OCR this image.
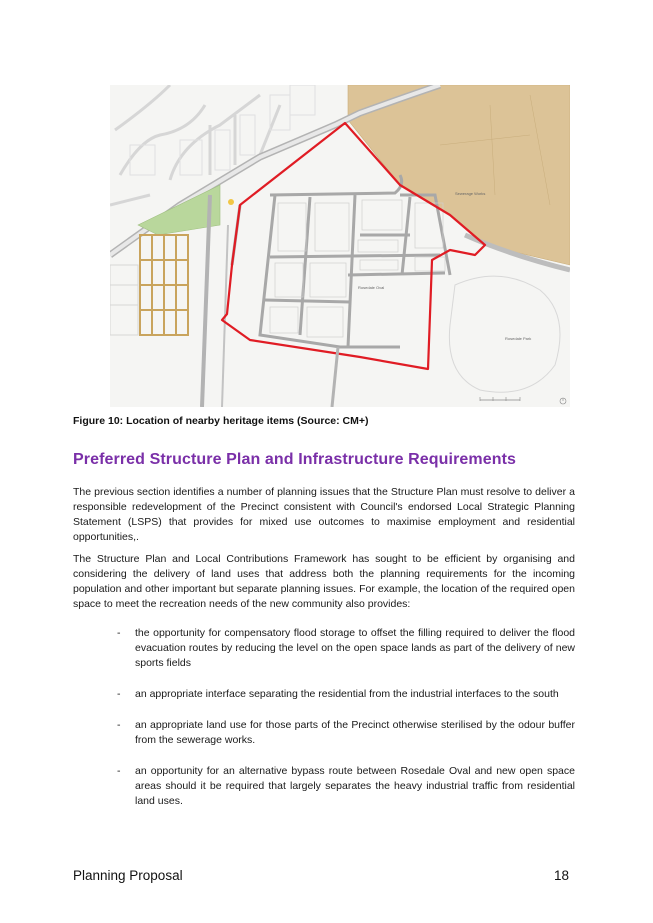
Rosedale Oval
Sewerage Works
Rosedale Park
Figure 10: Location of nearby heritage items (Source: CM+)
Preferred Structure Plan and Infrastructure Requirements

The previous section identifies a number of planning issues that the Structure Plan must resolve to deliver a responsible redevelopment of the Precinct consistent with Council's endorsed Local Strategic Planning Statement (LSPS) that provides for mixed use outcomes to maximise employment and residential opportunities,.

The Structure Plan and Local Contributions Framework has sought to be efficient by organising and considering the delivery of land uses that address both the planning requirements for the incoming population and other important but separate planning issues. For example, the location of the required open space to meet the recreation needs of the new community also provides:

- the opportunity for compensatory flood storage to offset the filling required to deliver the flood evacuation routes by reducing the level on the open space lands as part of the delivery of new sports fields
- an appropriate interface separating the residential from the industrial interfaces to the south
- an appropriate land use for those parts of the Precinct otherwise sterilised by the odour buffer from the sewerage works.
- an opportunity for an alternative bypass route between Rosedale Oval and new open space areas should it be required that largely separates the heavy industrial traffic from residential land uses.
Planning Proposal	18
